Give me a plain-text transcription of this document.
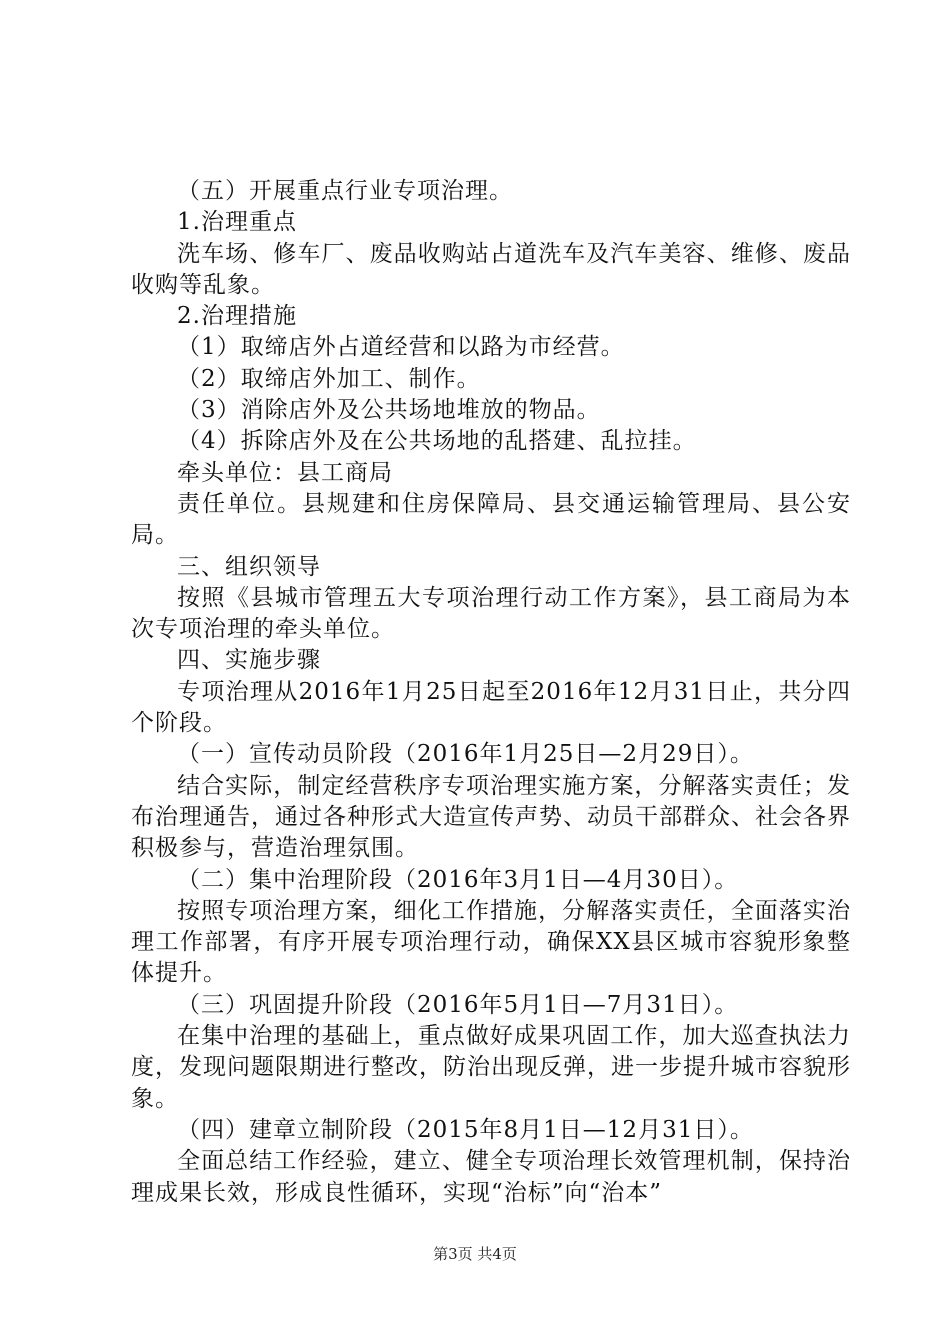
（五）开展重点行业专项治理。

1.治理重点

洗车场、修车厂、废品收购站占道洗车及汽车美容、维修、废品收购等乱象。

2.治理措施

（1）取缔店外占道经营和以路为市经营。

（2）取缔店外加工、制作。

（3）消除店外及公共场地堆放的物品。

（4）拆除店外及在公共场地的乱搭建、乱拉挂。

牵头单位：县工商局

责任单位。县规建和住房保障局、县交通运输管理局、县公安局。

三、组织领导

按照《县城市管理五大专项治理行动工作方案》，县工商局为本次专项治理的牵头单位。

四、实施步骤

专项治理从2016年1月25日起至2016年12月31日止，共分四个阶段。

（一）宣传动员阶段（2016年1月25日—2月29日）。

结合实际，制定经营秩序专项治理实施方案，分解落实责任；发布治理通告，通过各种形式大造宣传声势、动员干部群众、社会各界积极参与，营造治理氛围。

（二）集中治理阶段（2016年3月1日—4月30日）。

按照专项治理方案，细化工作措施，分解落实责任，全面落实治理工作部署，有序开展专项治理行动，确保XX县区城市容貌形象整体提升。

（三）巩固提升阶段（2016年5月1日—7月31日）。

在集中治理的基础上，重点做好成果巩固工作，加大巡查执法力度，发现问题限期进行整改，防治出现反弹，进一步提升城市容貌形象。

（四）建章立制阶段（2015年8月1日—12月31日）。

全面总结工作经验，建立、健全专项治理长效管理机制，保持治理成果长效，形成良性循环，实现“治标”向“治本”

第3页 共4页
